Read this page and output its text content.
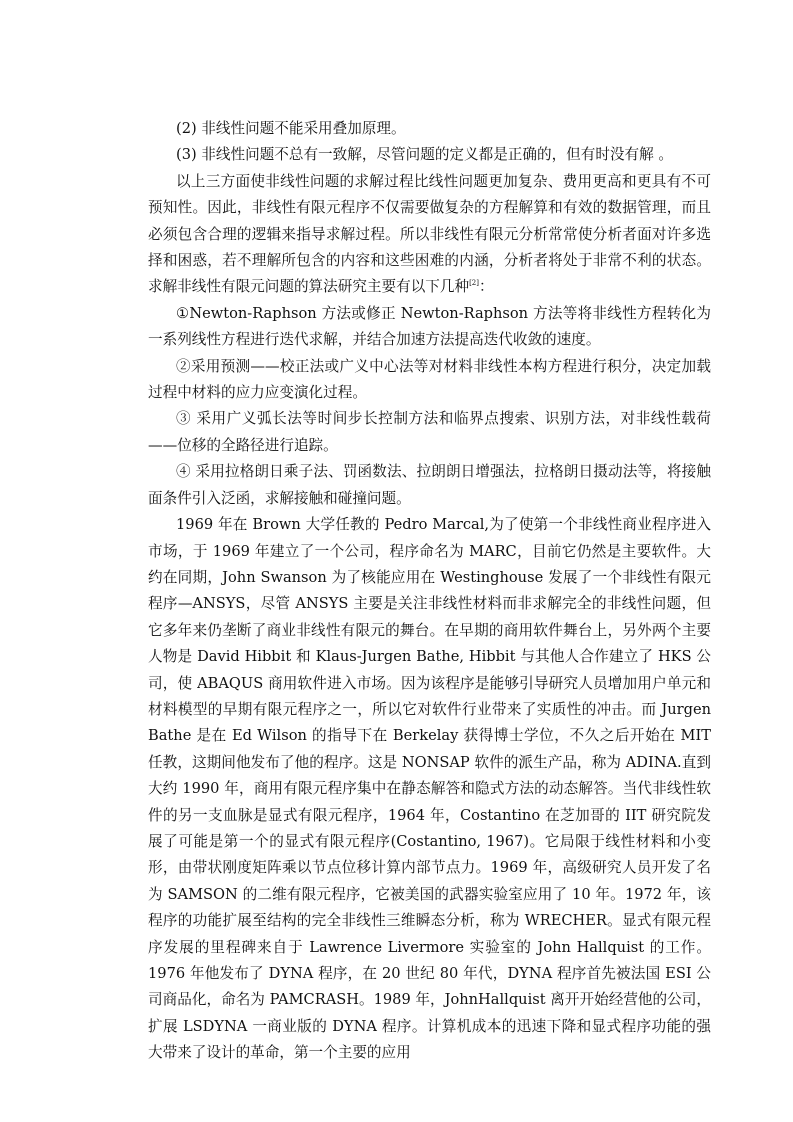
(2) 非线性问题不能采用叠加原理。

(3) 非线性问题不总有一致解，尽管问题的定义都是正确的，但有时没有解 。

以上三方面使非线性问题的求解过程比线性问题更加复杂、费用更高和更具有不可预知性。因此，非线性有限元程序不仅需要做复杂的方程解算和有效的数据管理，而且必须包含合理的逻辑来指导求解过程。所以非线性有限元分析常常使分析者面对许多选择和困惑，若不理解所包含的内容和这些困难的内涵，分析者将处于非常不利的状态。求解非线性有限元问题的算法研究主要有以下几种[2]：

①Newton-Raphson 方法或修正 Newton-Raphson 方法等将非线性方程转化为一系列线性方程进行迭代求解，并结合加速方法提高迭代收敛的速度。

②采用预测——校正法或广义中心法等对材料非线性本构方程进行积分，决定加载过程中材料的应力应变演化过程。

③ 采用广义弧长法等时间步长控制方法和临界点搜索、识别方法，对非线性载荷——位移的全路径进行追踪。

④ 采用拉格朗日乘子法、罚函数法、拉朗朗日增强法，拉格朗日摄动法等，将接触面条件引入泛函，求解接触和碰撞问题。

1969 年在 Brown 大学任教的 Pedro Marcal,为了使第一个非线性商业程序进入市场，于 1969 年建立了一个公司，程序命名为 MARC，目前它仍然是主要软件。大约在同期，John Swanson 为了核能应用在 Westinghouse 发展了一个非线性有限元程序—ANSYS，尽管 ANSYS 主要是关注非线性材料而非求解完全的非线性问题，但它多年来仍垄断了商业非线性有限元的舞台。在早期的商用软件舞台上，另外两个主要人物是 David Hibbit 和 Klaus-Jurgen Bathe, Hibbit 与其他人合作建立了 HKS 公司，使 ABAQUS 商用软件进入市场。因为该程序是能够引导研究人员增加用户单元和材料模型的早期有限元程序之一，所以它对软件行业带来了实质性的冲击。而 Jurgen Bathe 是在 Ed Wilson 的指导下在 Berkelay 获得博士学位，不久之后开始在 MIT 任教，这期间他发布了他的程序。这是 NONSAP 软件的派生产品，称为 ADINA.直到大约 1990 年，商用有限元程序集中在静态解答和隐式方法的动态解答。当代非线性软件的另一支血脉是显式有限元程序，1964 年，Costantino 在芝加哥的 IIT 研究院发展了可能是第一个的显式有限元程序(Costantino, 1967)。它局限于线性材料和小变形，由带状刚度矩阵乘以节点位移计算内部节点力。1969 年，高级研究人员开发了名为 SAMSON 的二维有限元程序，它被美国的武器实验室应用了 10 年。1972 年，该程序的功能扩展至结构的完全非线性三维瞬态分析，称为 WRECHER。显式有限元程序发展的里程碑来自于 Lawrence Livermore 实验室的 John Hallquist 的工作。1976 年他发布了 DYNA 程序，在 20 世纪 80 年代，DYNA 程序首先被法国 ESI 公司商品化，命名为 PAMCRASH。1989 年，JohnHallquist 离开开始经营他的公司，扩展 LSDYNA 一商业版的 DYNA 程序。计算机成本的迅速下降和显式程序功能的强大带来了设计的革命，第一个主要的应用
